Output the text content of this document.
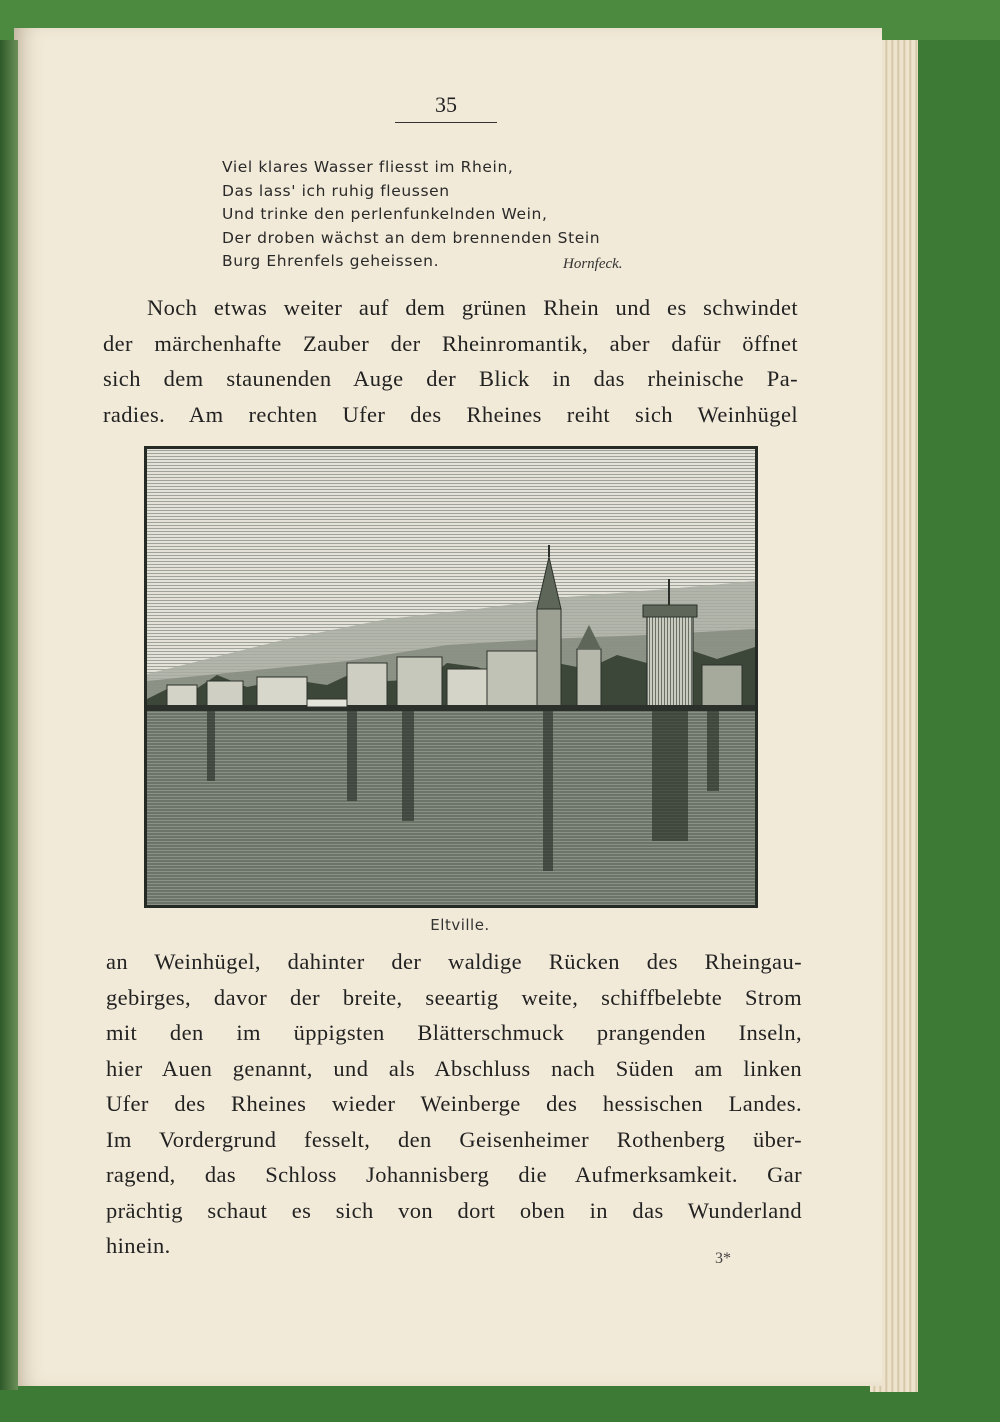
35
Viel klares Wasser fliesst im Rhein,
Das lass' ich ruhig fleussen
Und trinke den perlenfunkelnden Wein,
Der droben wächst an dem brennenden Stein
Burg Ehrenfels geheissen.	Hornfeck.
Noch etwas weiter auf dem grünen Rhein und es schwindet
der märchenhafte Zauber der Rheinromantik, aber dafür öffnet
sich dem staunenden Auge der Blick in das rheinische Pa-
radies. Am rechten Ufer des Rheines reiht sich Weinhügel
Eltville.
an Weinhügel, dahinter der waldige Rücken des Rheingau-
gebirges, davor der breite, seeartig weite, schiffbelebte Strom
mit den im üppigsten Blätterschmuck prangenden Inseln,
hier Auen genannt, und als Abschluss nach Süden am linken
Ufer des Rheines wieder Weinberge des hessischen Landes.
Im Vordergrund fesselt, den Geisenheimer Rothenberg über-
ragend, das Schloss Johannisberg die Aufmerksamkeit. Gar
prächtig schaut es sich von dort oben in das Wunderland
hinein.
3*
